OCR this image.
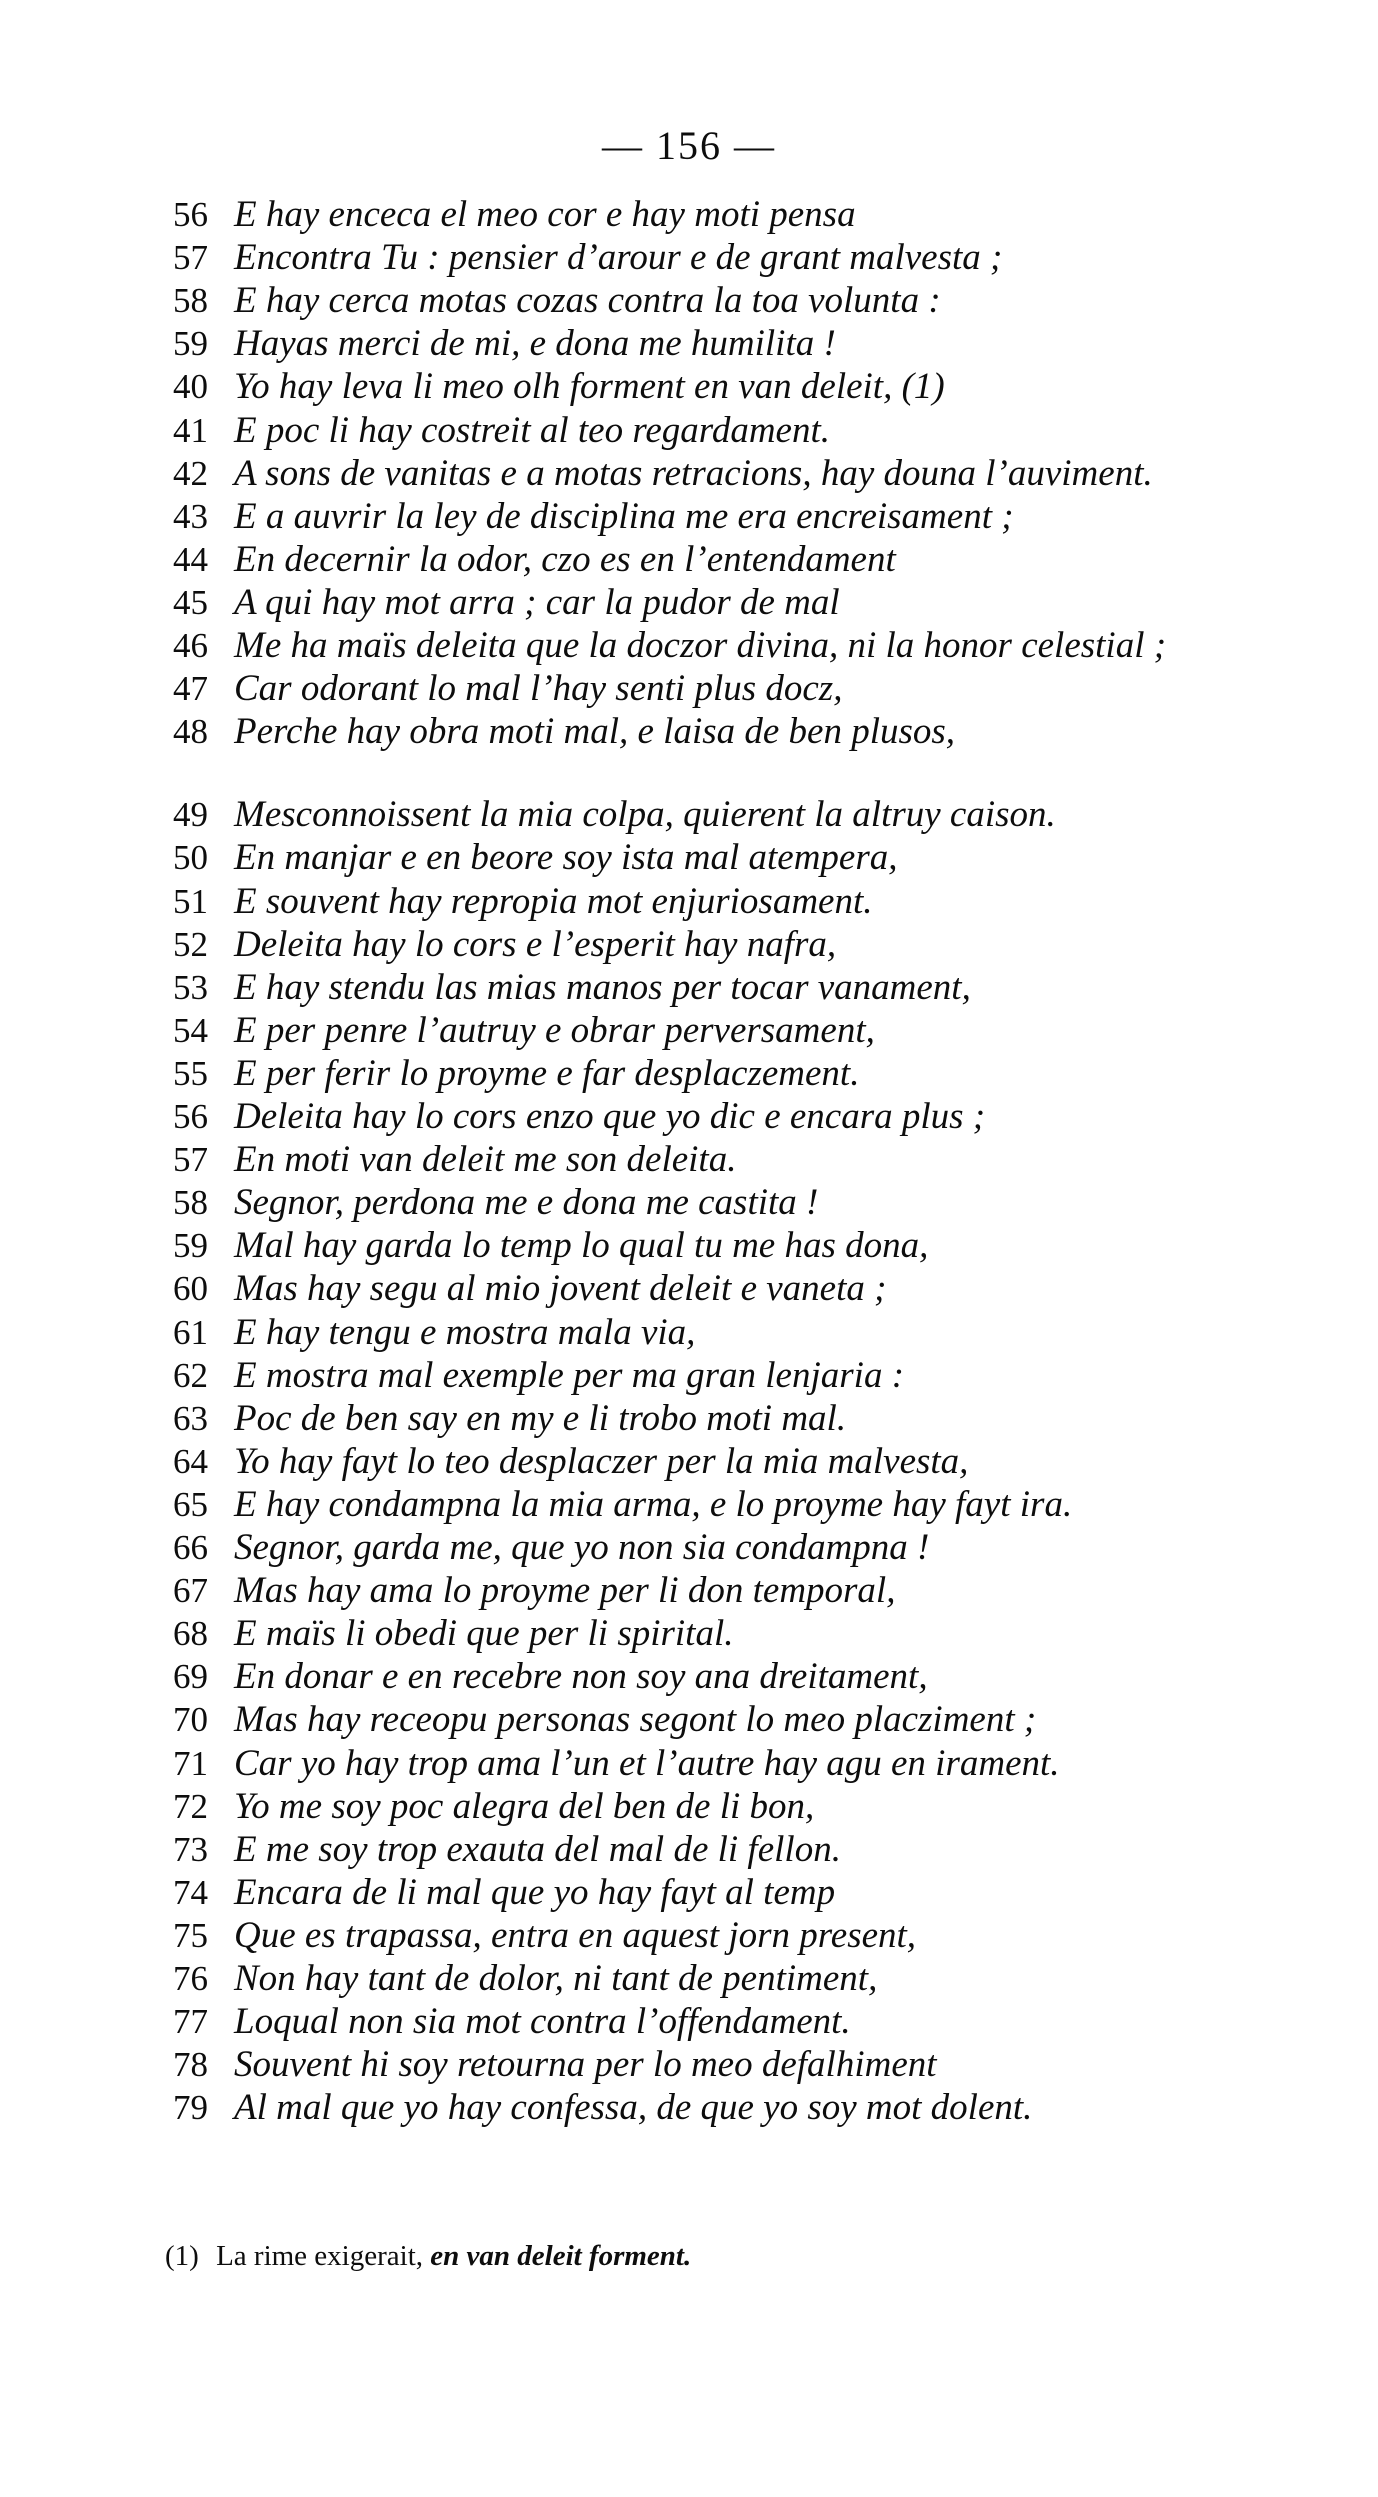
— 156 —
56 E hay enceca el meo cor e hay moti pensa
57 Encontra Tu : pensier d’arour e de grant malvesta ;
58 E hay cerca motas cozas contra la toa volunta :
59 Hayas merci de mi, e dona me humilita !
40 Yo hay leva li meo olh forment en van deleit, (1)
41 E poc li hay costreit al teo regardament.
42 A sons de vanitas e a motas retracions, hay douna l’auviment.
43 E a auvrir la ley de disciplina me era encreisament ;
44 En decernir la odor, czo es en l’entendament
45 A qui hay mot arra ; car la pudor de mal
46 Me ha maïs deleita que la doczor divina, ni la honor celestial ;
47 Car odorant lo mal l’hay senti plus docz,
48 Perche hay obra moti mal, e laisa de ben plusos,
49 Mesconnoissent la mia colpa, quierent la altruy caison.
50 En manjar e en beore soy ista mal atempera,
51 E souvent hay repropia mot enjuriosament.
52 Deleita hay lo cors e l’esperit hay nafra,
53 E hay stendu las mias manos per tocar vanament,
54 E per penre l’autruy e obrar perversament,
55 E per ferir lo proyme e far desplaczement.
56 Deleita hay lo cors enzo que yo dic e encara plus ;
57 En moti van deleit me son deleita.
58 Segnor, perdona me e dona me castita !
59 Mal hay garda lo temp lo qual tu me has dona,
60 Mas hay segu al mio jovent deleit e vaneta ;
61 E hay tengu e mostra mala via,
62 E mostra mal exemple per ma gran lenjaria :
63 Poc de ben say en my e li trobo moti mal.
64 Yo hay fayt lo teo desplaczer per la mia malvesta,
65 E hay condampna la mia arma, e lo proyme hay fayt ira.
66 Segnor, garda me, que yo non sia condampna !
67 Mas hay ama lo proyme per li don temporal,
68 E maïs li obedi que per li spirital.
69 En donar e en recebre non soy ana dreitament,
70 Mas hay receopu personas segont lo meo placziment ;
71 Car yo hay trop ama l’un et l’autre hay agu en irament.
72 Yo me soy poc alegra del ben de li bon,
73 E me soy trop exauta del mal de li fellon.
74 Encara de li mal que yo hay fayt al temp
75 Que es trapassa, entra en aquest jorn present,
76 Non hay tant de dolor, ni tant de pentiment,
77 Loqual non sia mot contra l’offendament.
78 Souvent hi soy retourna per lo meo defalhiment
79 Al mal que yo hay confessa, de que yo soy mot dolent.
(1) La rime exigerait, en van deleit forment.
